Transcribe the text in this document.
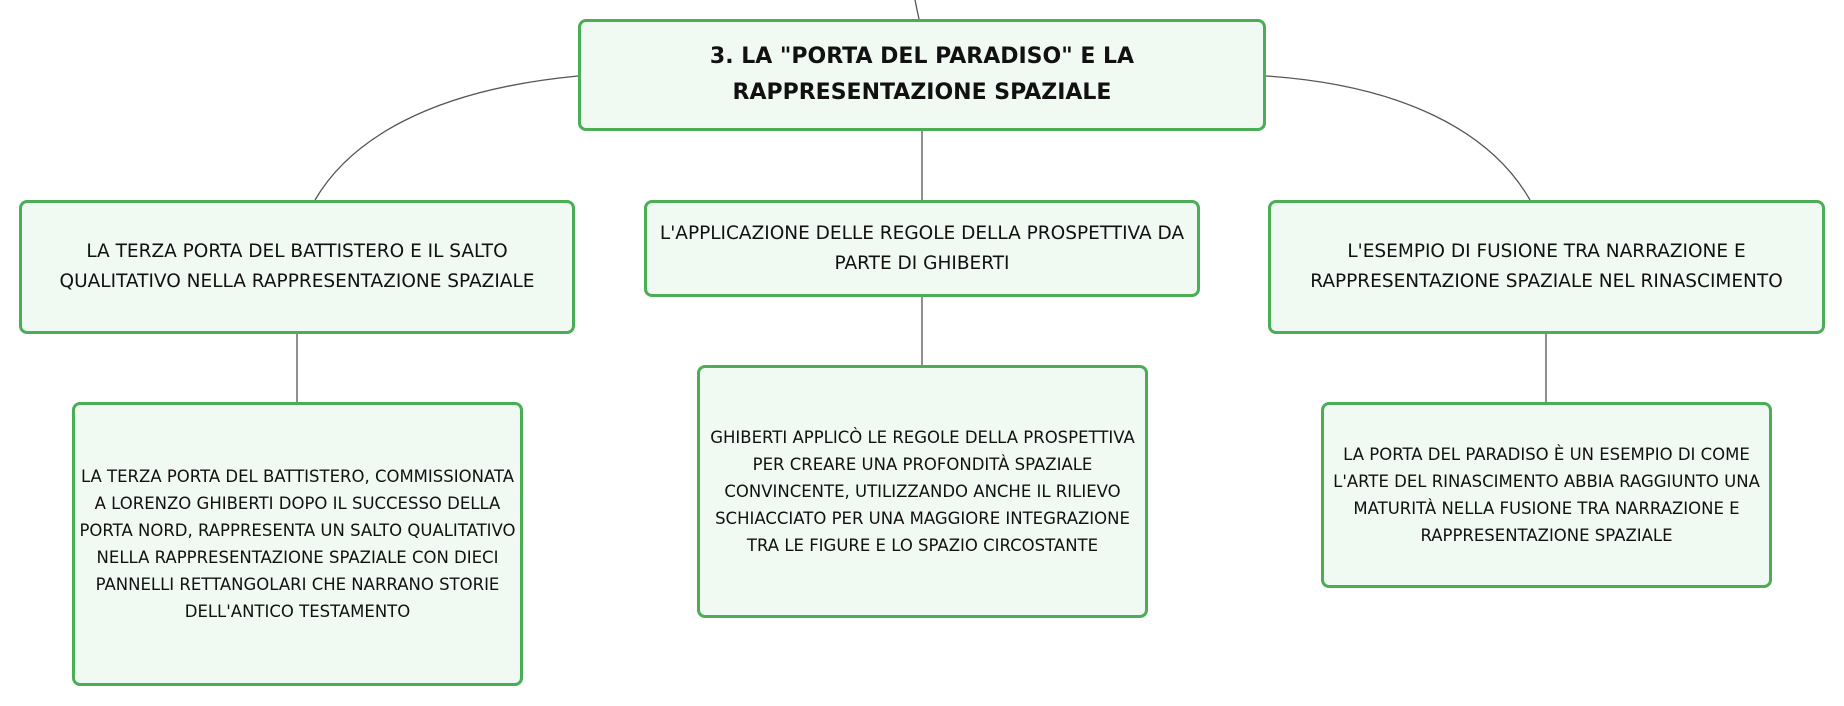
3. LA "PORTA DEL PARADISO" E LA RAPPRESENTAZIONE SPAZIALE
LA TERZA PORTA DEL BATTISTERO E IL SALTO QUALITATIVO NELLA RAPPRESENTAZIONE SPAZIALE
L'APPLICAZIONE DELLE REGOLE DELLA PROSPETTIVA DA PARTE DI GHIBERTI
L'ESEMPIO DI FUSIONE TRA NARRAZIONE E RAPPRESENTAZIONE SPAZIALE NEL RINASCIMENTO
LA TERZA PORTA DEL BATTISTERO, COMMISSIONATA A LORENZO GHIBERTI DOPO IL SUCCESSO DELLA PORTA NORD, RAPPRESENTA UN SALTO QUALITATIVO NELLA RAPPRESENTAZIONE SPAZIALE CON DIECI PANNELLI RETTANGOLARI CHE NARRANO STORIE DELL'ANTICO TESTAMENTO
GHIBERTI APPLICÒ LE REGOLE DELLA PROSPETTIVA PER CREARE UNA PROFONDITÀ SPAZIALE CONVINCENTE, UTILIZZANDO ANCHE IL RILIEVO SCHIACCIATO PER UNA MAGGIORE INTEGRAZIONE TRA LE FIGURE E LO SPAZIO CIRCOSTANTE
LA PORTA DEL PARADISO È UN ESEMPIO DI COME L'ARTE DEL RINASCIMENTO ABBIA RAGGIUNTO UNA MATURITÀ NELLA FUSIONE TRA NARRAZIONE E RAPPRESENTAZIONE SPAZIALE
